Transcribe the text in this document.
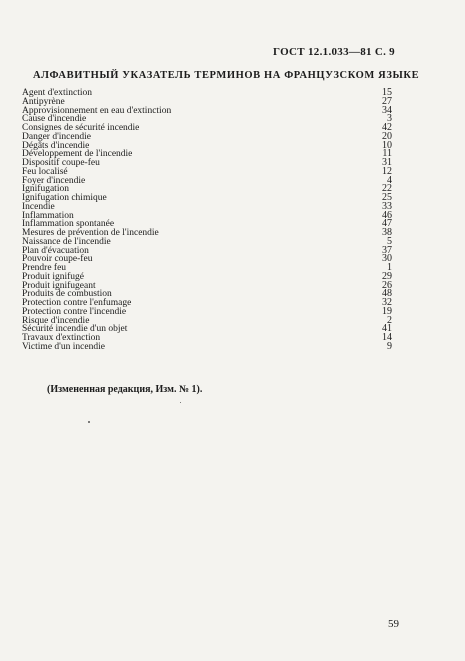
ГОСТ 12.1.033—81 С. 9
АЛФАВИТНЫЙ УКАЗАТЕЛЬ ТЕРМИНОВ НА ФРАНЦУЗСКОМ ЯЗЫКЕ
Agent d'extinction	15
Antipyrène	27
Approvisionnement en eau d'extinction	34
Cause d'incendie	3
Consignes de sécurité incendie	42
Danger d'incendie	20
Dégâts d'incendie	10
Développement de l'incendie	11
Dispositif coupe-feu	31
Feu localisé	12
Foyer d'incendie	4
Ignifugation	22
Ignifugation chimique	25
Incendie	33
Inflammation	46
Inflammation spontanée	47
Mesures de prévention de l'incendie	38
Naissance de l'incendie	5
Plan d'évacuation	37
Pouvoir coupe-feu	30
Prendre feu	1
Produit ignifugé	29
Produit ignifugeant	26
Produits de combustion	48
Protection contre l'enfumage	32
Protection contre l'incendie	19
Risque d'incendie	2
Sécurité incendie d'un objet	41
Travaux d'extinction	14
Victime d'un incendie	9
(Измененная редакция, Изм. № 1).
59
